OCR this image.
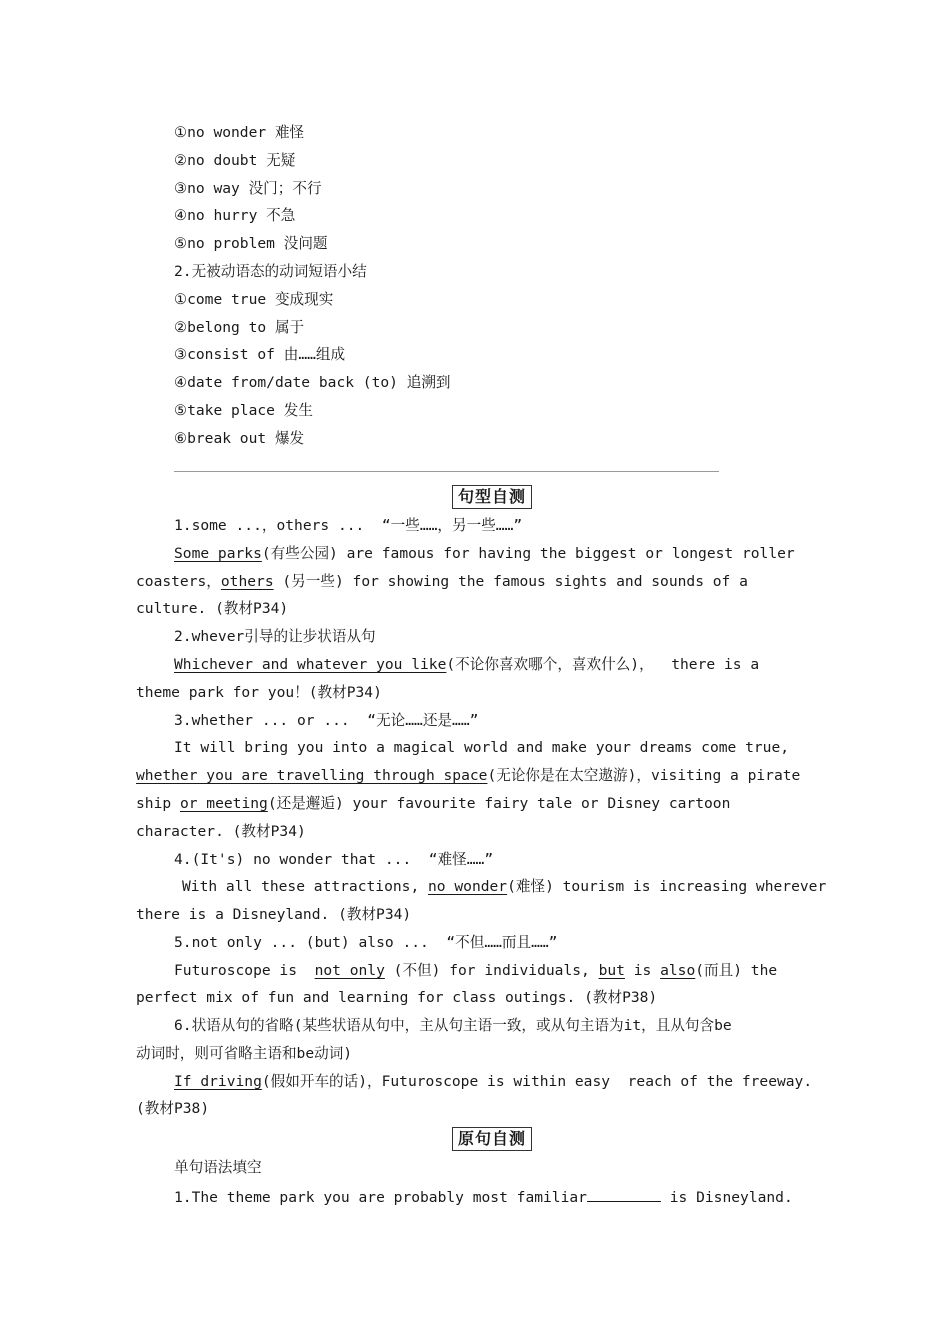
①no wonder 难怪
②no doubt 无疑
③no way 没门；不行
④no hurry 不急
⑤no problem 没问题
2.无被动语态的动词短语小结
①come true 变成现实
②belong to 属于
③consist of 由……组成
④date from/date back (to) 追溯到
⑤take place 发生
⑥break out 爆发
句型自测
1.some ...，others ...  “一些……，另一些……”
Some parks(有些公园) are famous for having the biggest or longest roller
coasters，others (另一些) for showing the famous sights and sounds of a
culture. (教材P34)
2.whever引导的让步状语从句
Whichever and whatever you like(不论你喜欢哪个，喜欢什么)，  there is a
theme park for you！(教材P34)
3.whether ... or ...  “无论……还是……”
It will bring you into a magical world and make your dreams come true,
whether you are travelling through space(无论你是在太空遨游)，visiting a pirate
ship or meeting(还是邂逅) your favourite fairy tale or Disney cartoon
character. (教材P34)
4.(It's) no wonder that ...  “难怪……”
With all these attractions, no wonder(难怪) tourism is increasing wherever
there is a Disneyland. (教材P34)
5.not only ... (but) also ...  “不但……而且……”
Futuroscope is  not only (不但) for individuals, but is also(而且) the
perfect mix of fun and learning for class outings. (教材P38)
6.状语从句的省略(某些状语从句中，主从句主语一致，或从句主语为it，且从句含be
动词时，则可省略主语和be动词)
If driving(假如开车的话)，Futuroscope is within easy  reach of the freeway.
(教材P38)
原句自测
单句语法填空
1.The theme park you are probably most familiar	is Disneyland.
